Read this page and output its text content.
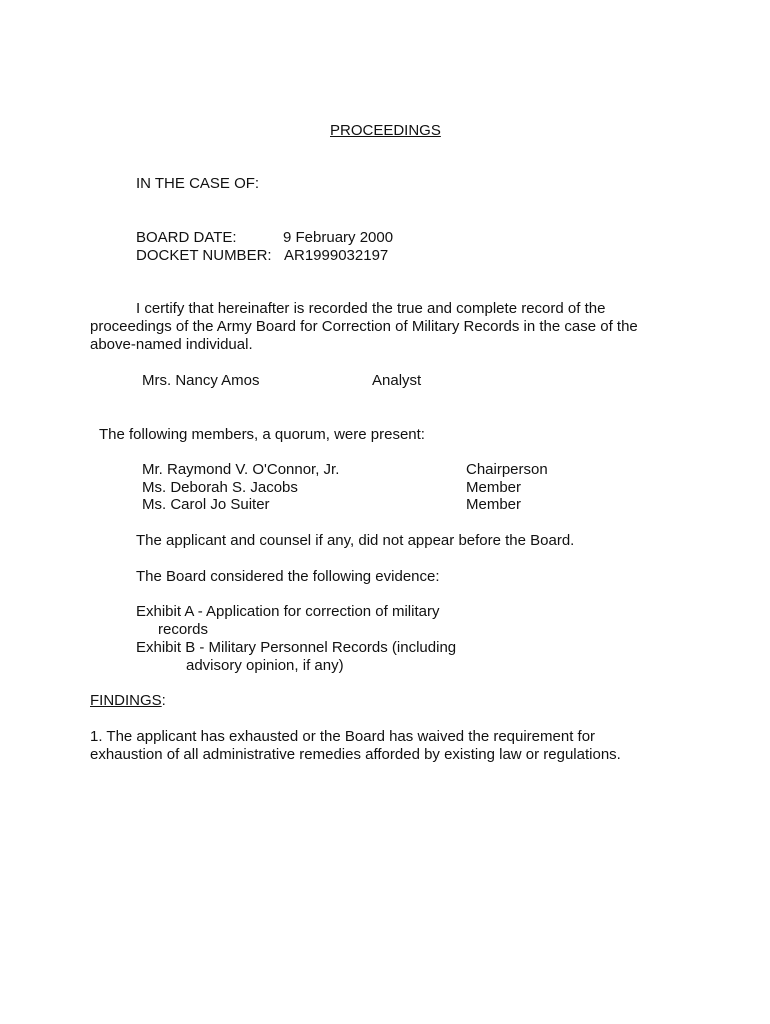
PROCEEDINGS
IN THE CASE OF:
BOARD DATE:	9 February 2000
DOCKET NUMBER: AR1999032197
I certify that hereinafter is recorded the true and complete record of the proceedings of the Army Board for Correction of Military Records in the case of the above-named individual.
Mrs. Nancy Amos	Analyst
The following members, a quorum, were present:
Mr. Raymond V. O'Connor, Jr.	Chairperson
Ms. Deborah S. Jacobs	Member
Ms. Carol Jo Suiter	Member
The applicant and counsel if any, did not appear before the Board.
The Board considered the following evidence:
Exhibit A - Application for correction of military
records
Exhibit B - Military Personnel Records (including
advisory opinion, if any)
FINDINGS:
1. The applicant has exhausted or the Board has waived the requirement for exhaustion of all administrative remedies afforded by existing law or regulations.
